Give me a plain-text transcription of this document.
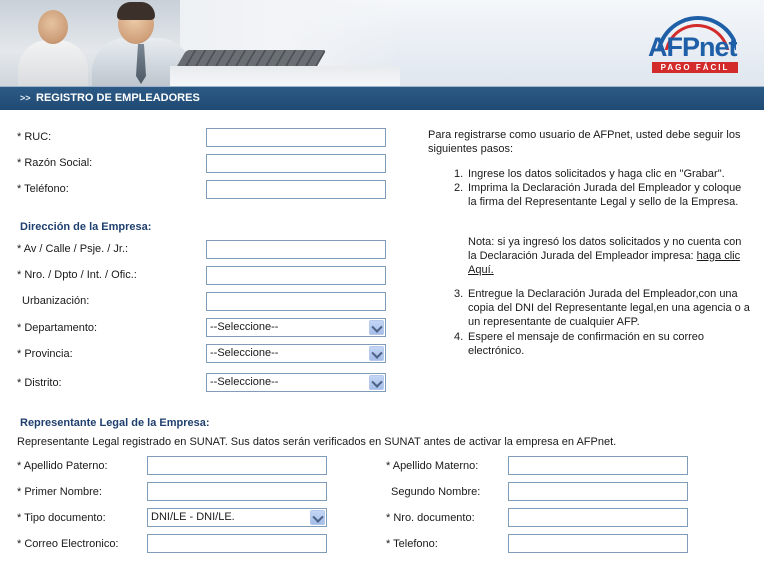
AFPnet
PAGO FÁCIL
>> REGISTRO DE EMPLEADORES
* RUC:
* Razón Social:
* Teléfono:
Dirección de la Empresa:
* Av / Calle / Psje. / Jr.:
* Nro. / Dpto / Int. / Ofic.:
Urbanización:
* Departamento:	--Seleccione--
* Provincia:	--Seleccione--
* Distrito:	--Seleccione--

Para registrarse como usuario de AFPnet, usted debe seguir los siguientes pasos:

1. Ingrese los datos solicitados y haga clic en "Grabar".
2. Imprima la Declaración Jurada del Empleador y coloque la firma del Representante Legal y sello de la Empresa.
Nota: si ya ingresó los datos solicitados y no cuenta con la Declaración Jurada del Empleador impresa: haga clic Aquí.
3. Entregue la Declaración Jurada del Empleador,con una copia del DNI del Representante legal,en una agencia o a un representante de cualquier AFP.
4. Espere el mensaje de confirmación en su correo electrónico.
Representante Legal de la Empresa:
Representante Legal registrado en SUNAT. Sus datos serán verificados en SUNAT antes de activar la empresa en AFPnet.
* Apellido Paterno:	* Apellido Materno:
* Primer Nombre:	Segundo Nombre:
* Tipo documento:	DNI/LE - DNI/LE.	* Nro. documento:
* Correo Electronico:	* Telefono:
